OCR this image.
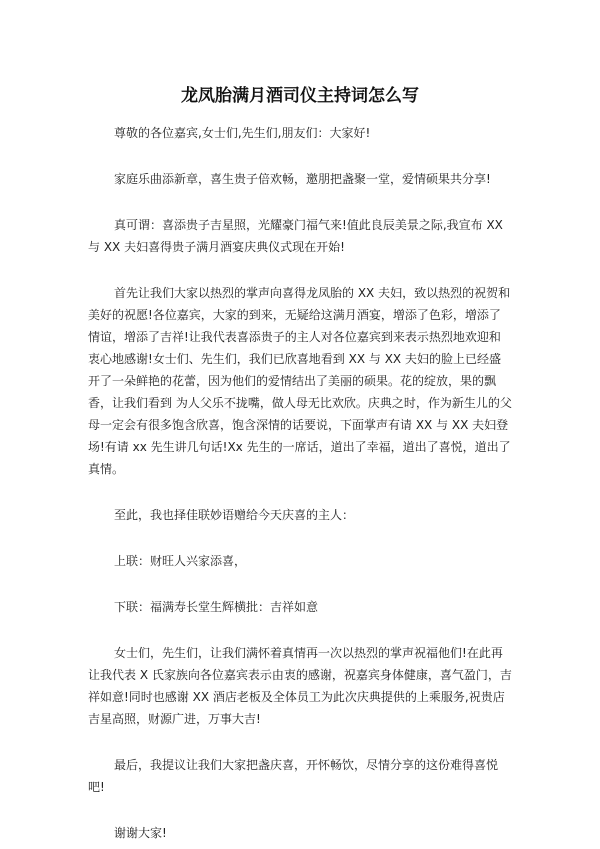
龙凤胎满月酒司仪主持词怎么写

尊敬的各位嘉宾,女士们,先生们,朋友们：大家好!

家庭乐曲添新章，喜生贵子倍欢畅，邀朋把盏聚一堂，爱情硕果共分享!

真可谓：喜添贵子吉星照，光耀豪门福气来!值此良辰美景之际,我宣布 XX 与 XX 夫妇喜得贵子满月酒宴庆典仪式现在开始!

首先让我们大家以热烈的掌声向喜得龙凤胎的 XX 夫妇，致以热烈的祝贺和美好的祝愿!各位嘉宾，大家的到来，无疑给这满月酒宴，增添了色彩，增添了情谊，增添了吉祥!让我代表喜添贵子的主人对各位嘉宾到来表示热烈地欢迎和衷心地感谢!女士们、先生们，我们已欣喜地看到 XX 与 XX 夫妇的脸上已经盛开了一朵鲜艳的花蕾，因为他们的爱情结出了美丽的硕果。花的绽放，果的飘香，让我们看到 为人父乐不拢嘴，做人母无比欢欣。庆典之时，作为新生儿的父母一定会有很多饱含欣喜，饱含深情的话要说，下面掌声有请 XX 与 XX 夫妇登场!有请 xx 先生讲几句话!Xx 先生的一席话，道出了幸福，道出了喜悦，道出了真情。

至此，我也择佳联妙语赠给今天庆喜的主人：

上联：财旺人兴家添喜，

下联：福满寿长堂生辉横批：吉祥如意

女士们，先生们，让我们满怀着真情再一次以热烈的掌声祝福他们!在此再让我代表 X 氏家族向各位嘉宾表示由衷的感谢，祝嘉宾身体健康，喜气盈门，吉祥如意!同时也感谢 XX 酒店老板及全体员工为此次庆典提供的上乘服务,祝贵店吉星高照，财源广进，万事大吉!

最后，我提议让我们大家把盏庆喜，开怀畅饮，尽情分享的这份难得喜悦吧!

谢谢大家!
